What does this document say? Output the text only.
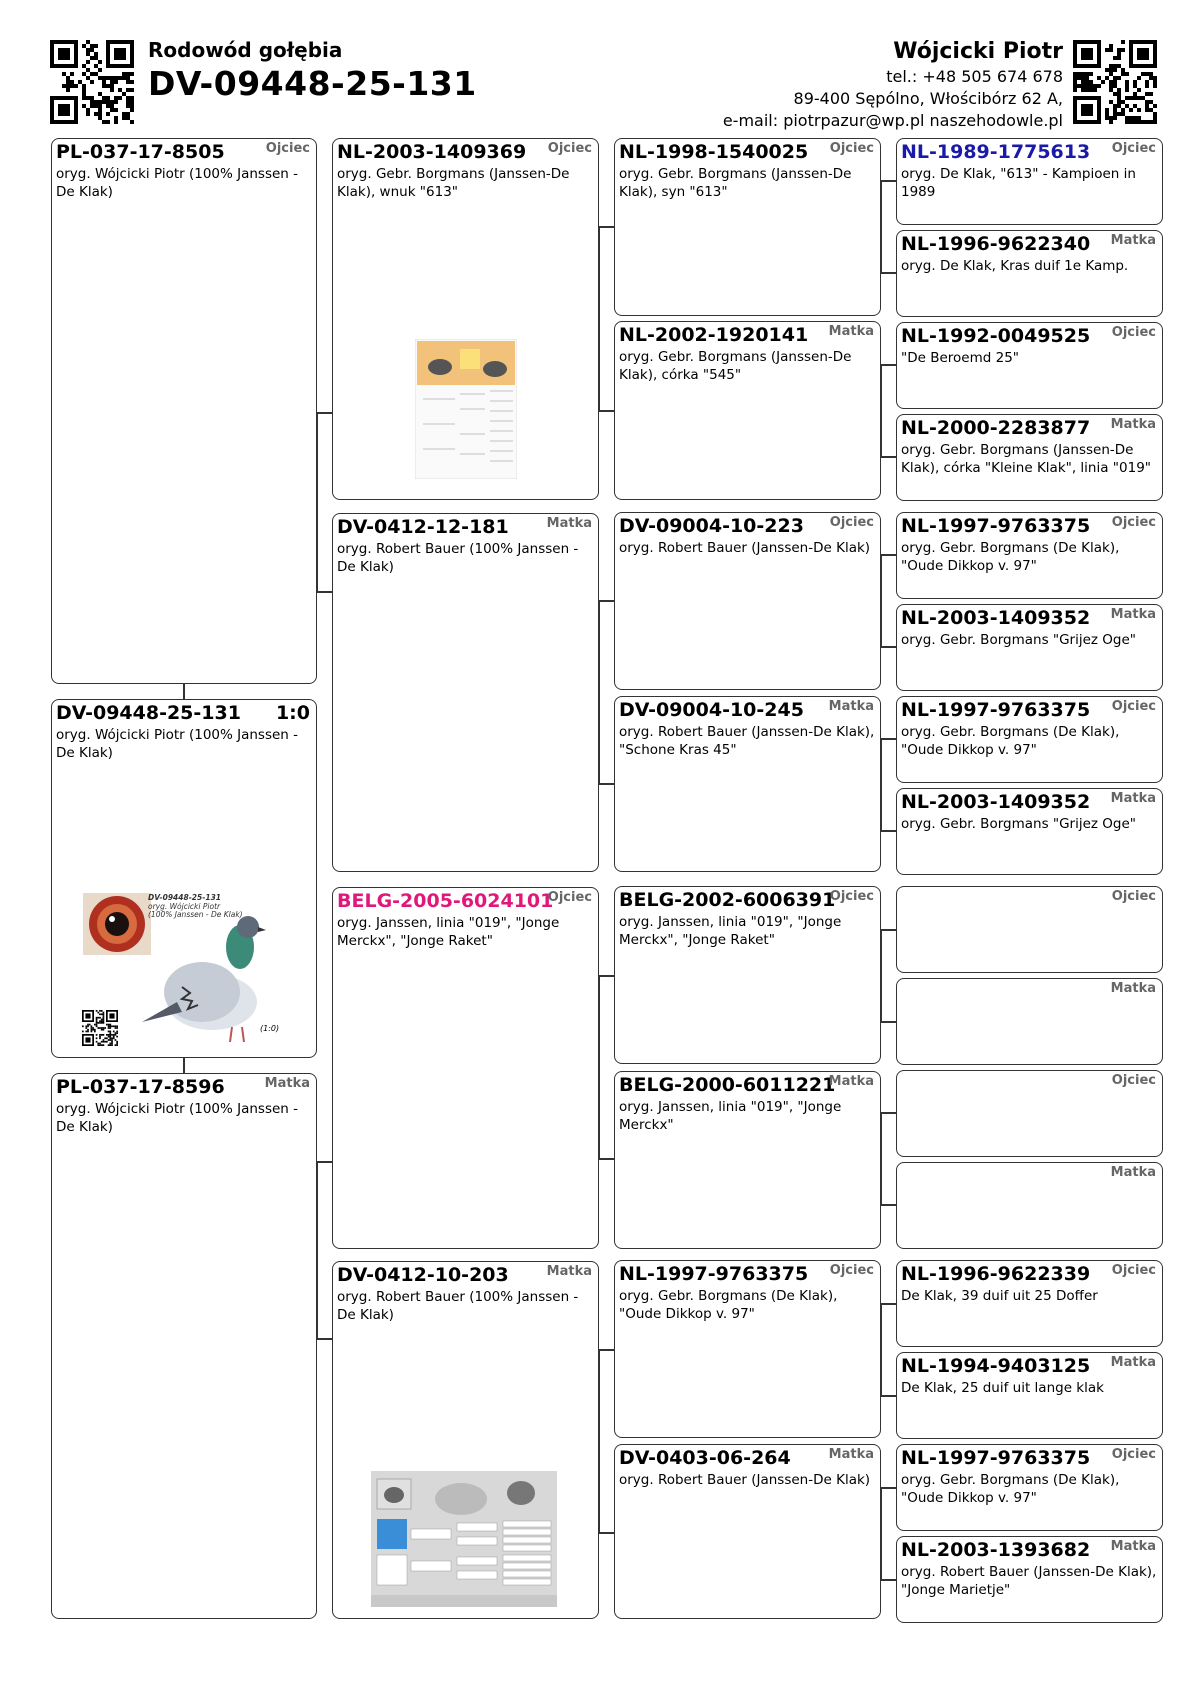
Rodowód gołębia
DV-09448-25-131
Wójcicki Piotr
tel.: +48 505 674 678
89-400 Sępólno, Włościbórz 62 A,
e-mail: piotrpazur@wp.pl naszehodowle.pl
PL-037-17-8505	Ojciec
oryg. Wójcicki Piotr (100% Janssen - De Klak)
DV-09448-25-131 1:0
oryg. Wójcicki Piotr (100% Janssen - De Klak)
DV-09448-25-131
oryg. Wójcicki Piotr
(100% Janssen - De Klak)
(1:0)
PL-037-17-8596	Matka
oryg. Wójcicki Piotr (100% Janssen - De Klak)
NL-2003-1409369 Ojciec
oryg. Gebr. Borgmans (Janssen-De Klak), wnuk "613"
DV-0412-12-181	Matka
oryg. Robert Bauer (100% Janssen - De Klak)
BELG-2005-6024101
Ojciec
oryg. Janssen, linia "019", "Jonge Merckx", "Jonge Raket"
DV-0412-10-203	Matka
oryg. Robert Bauer (100% Janssen - De Klak)
NL-1998-1540025 Ojciec
oryg. Gebr. Borgmans (Janssen-De Klak), syn "613"
NL-2002-1920141 Matka
oryg. Gebr. Borgmans (Janssen-De Klak), córka "545"
DV-09004-10-223 Ojciec
oryg. Robert Bauer (Janssen-De Klak)
DV-09004-10-245 Matka
oryg. Robert Bauer (Janssen-De Klak), "Schone Kras 45"
BELG-2002-6006391
Ojciec
oryg. Janssen, linia "019", "Jonge Merckx", "Jonge Raket"
BELG-2000-6011221
Matka
oryg. Janssen, linia "019", "Jonge Merckx"
NL-1997-9763375 Ojciec
oryg. Gebr. Borgmans (De Klak), "Oude Dikkop v. 97"
DV-0403-06-264	Matka
oryg. Robert Bauer (Janssen-De Klak)
NL-1989-1775613 Ojciec
oryg. De Klak, "613" - Kampioen in 1989
NL-1996-9622340 Matka
oryg. De Klak, Kras duif 1e Kamp.
NL-1992-0049525 Ojciec
"De Beroemd 25"
NL-2000-2283877 Matka
oryg. Gebr. Borgmans (Janssen-De Klak), córka "Kleine Klak", linia "019"
NL-1997-9763375 Ojciec
oryg. Gebr. Borgmans (De Klak), "Oude Dikkop v. 97"
NL-2003-1409352 Matka
oryg. Gebr. Borgmans "Grijez Oge"
NL-1997-9763375 Ojciec
oryg. Gebr. Borgmans (De Klak), "Oude Dikkop v. 97"
NL-2003-1409352 Matka
oryg. Gebr. Borgmans "Grijez Oge"
Ojciec
Matka
Ojciec
Matka
NL-1996-9622339 Ojciec
De Klak, 39 duif uit 25 Doffer
NL-1994-9403125 Matka
De Klak, 25 duif uit lange klak
NL-1997-9763375 Ojciec
oryg. Gebr. Borgmans (De Klak), "Oude Dikkop v. 97"
NL-2003-1393682 Matka
oryg. Robert Bauer (Janssen-De Klak), "Jonge Marietje"
